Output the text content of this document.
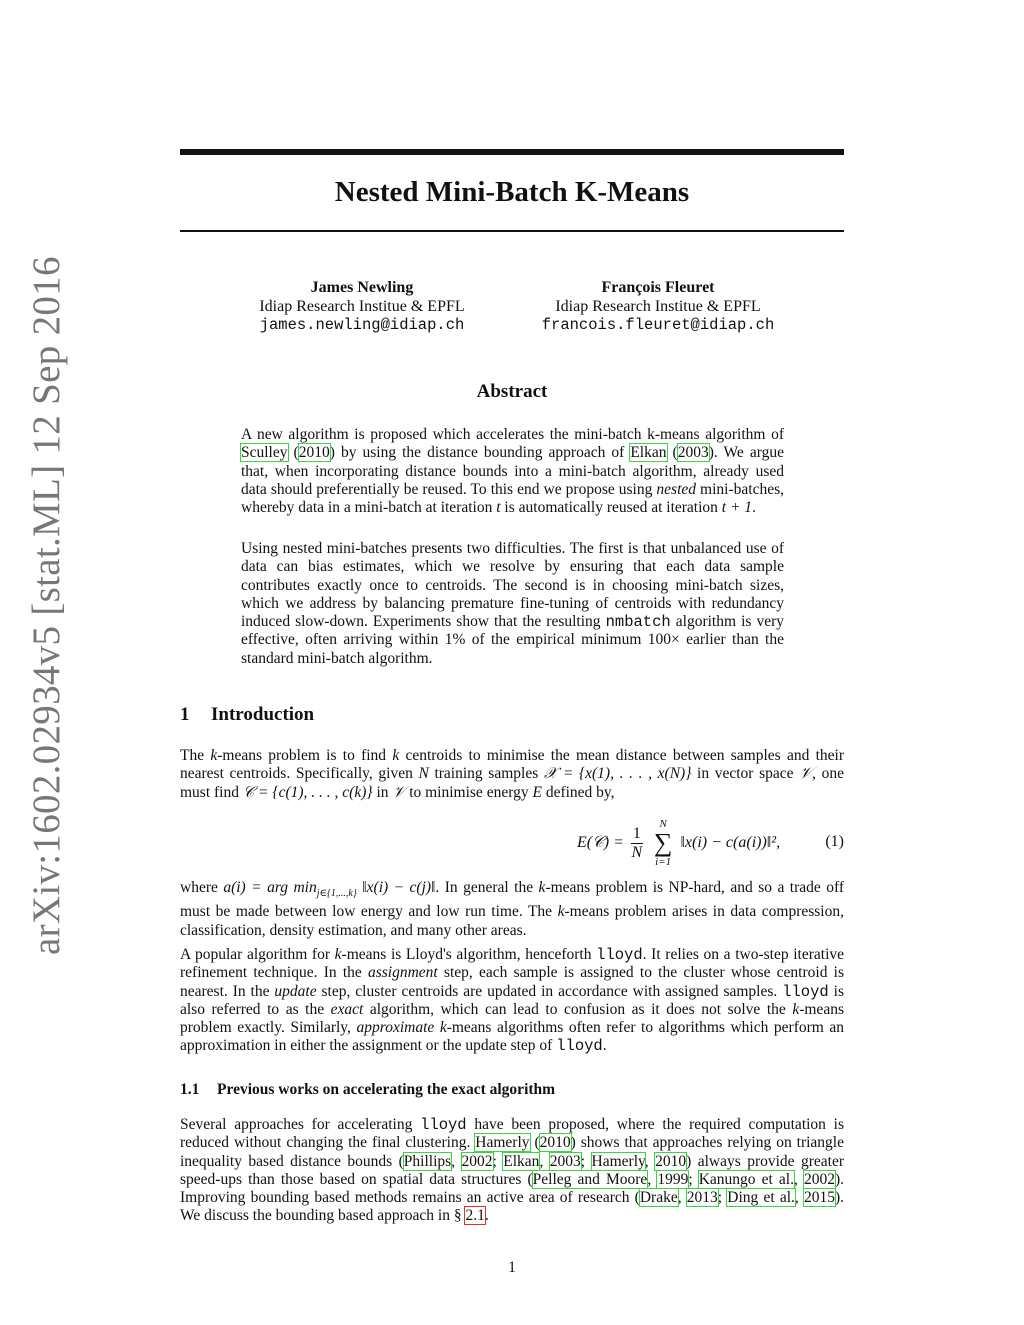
arXiv:1602.02934v5 [stat.ML] 12 Sep 2016
Nested Mini-Batch K-Means
James Newling
Idiap Research Institue & EPFL
james.newling@idiap.ch
François Fleuret
Idiap Research Institue & EPFL
francois.fleuret@idiap.ch
Abstract
A new algorithm is proposed which accelerates the mini-batch k-means algorithm of Sculley (2010) by using the distance bounding approach of Elkan (2003). We argue that, when incorporating distance bounds into a mini-batch algorithm, already used data should preferentially be reused. To this end we propose using nested mini-batches, whereby data in a mini-batch at iteration t is automatically reused at iteration t + 1.
Using nested mini-batches presents two difficulties. The first is that unbalanced use of data can bias estimates, which we resolve by ensuring that each data sample contributes exactly once to centroids. The second is in choosing mini-batch sizes, which we address by balancing premature fine-tuning of centroids with redundancy induced slow-down. Experiments show that the resulting nmbatch algorithm is very effective, often arriving within 1% of the empirical minimum 100× earlier than the standard mini-batch algorithm.
1 Introduction
The k-means problem is to find k centroids to minimise the mean distance between samples and their nearest centroids. Specifically, given N training samples 𝒳 = {x(1), . . . , x(N)} in vector space 𝒱, one must find 𝒞 = {c(1), . . . , c(k)} in 𝒱 to minimise energy E defined by,
E(𝒞) = $\frac{1}{N}$

N
∑
i=1
‖x(i) − c(a(i))‖²,	(1)
where a(i) = arg $\min_{j\in\{1,...,k\}}$ ‖x(i) − c(j)‖. In general the k-means problem is NP-hard, and so a trade off must be made between low energy and low run time. The k-means problem arises in data compression, classification, density estimation, and many other areas.
A popular algorithm for k-means is Lloyd's algorithm, henceforth lloyd. It relies on a two-step iterative refinement technique. In the assignment step, each sample is assigned to the cluster whose centroid is nearest. In the update step, cluster centroids are updated in accordance with assigned samples. lloyd is also referred to as the exact algorithm, which can lead to confusion as it does not solve the k-means problem exactly. Similarly, approximate k-means algorithms often refer to algorithms which perform an approximation in either the assignment or the update step of lloyd.
1.1 Previous works on accelerating the exact algorithm
Several approaches for accelerating lloyd have been proposed, where the required computation is reduced without changing the final clustering. Hamerly (2010) shows that approaches relying on triangle inequality based distance bounds (Phillips, 2002; Elkan, 2003; Hamerly, 2010) always provide greater speed-ups than those based on spatial data structures (Pelleg and Moore, 1999; Kanungo et al., 2002). Improving bounding based methods remains an active area of research (Drake, 2013; Ding et al., 2015). We discuss the bounding based approach in § 2.1.
1
